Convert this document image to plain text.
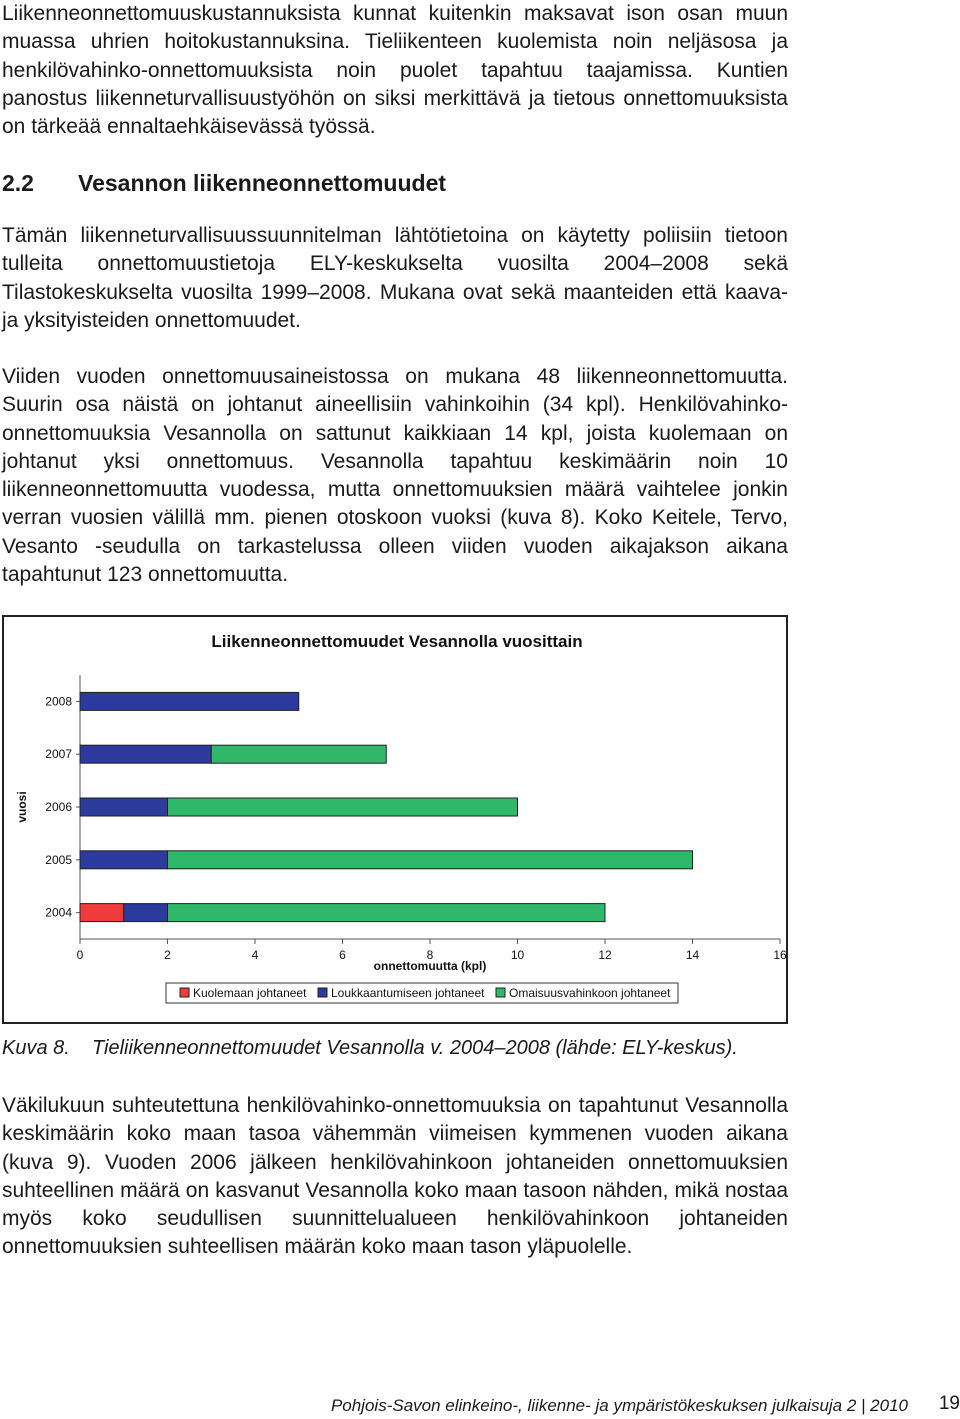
Liikenneonnettomuuskustannuksista kunnat kuitenkin maksavat ison osan muun muassa uhrien hoitokustannuksina. Tieliikenteen kuolemista noin neljäsosa ja henkilövahinko-onnettomuuksista noin puolet tapahtuu taajamissa. Kuntien panostus liikenneturvallisuustyöhön on siksi merkittävä ja tietous onnettomuuksista on tärkeää ennaltaehkäisevässä työssä.

2.2 Vesannon liikenneonnettomuudet

Tämän liikenneturvallisuussuunnitelman lähtötietoina on käytetty poliisiin tietoon tulleita onnettomuustietoja ELY-keskukselta vuosilta 2004–2008 sekä Tilastokeskukselta vuosilta 1999–2008. Mukana ovat sekä maanteiden että kaava- ja yksityisteiden onnettomuudet.

Viiden vuoden onnettomuusaineistossa on mukana 48 liikenneonnettomuutta. Suurin osa näistä on johtanut aineellisiin vahinkoihin (34 kpl). Henkilövahinko-onnettomuuksia Vesannolla on sattunut kaikkiaan 14 kpl, joista kuolemaan on johtanut yksi onnettomuus. Vesannolla tapahtuu keskimäärin noin 10 liikenneonnettomuutta vuodessa, mutta onnettomuuksien määrä vaihtelee jonkin verran vuosien välillä mm. pienen otoskoon vuoksi (kuva 8). Koko Keitele, Tervo, Vesanto -seudulla on tarkastelussa olleen viiden vuoden aikajakson aikana tapahtunut 123 onnettomuutta.

Liikenneonnettomuudet Vesannolla vuosittain
0	2	4	6	8	10	12	14	16
onnettomuutta (kpl)
vuosi
2008
2007
2006
2005
2004
Kuolemaan johtaneet Loukkaantumiseen johtaneet Omaisuusvahinkoon johtaneet
Kuva 8. Tieliikenneonnettomuudet Vesannolla v. 2004–2008 (lähde: ELY-keskus).

Väkilukuun suhteutettuna henkilövahinko-onnettomuuksia on tapahtunut Vesannolla keskimäärin koko maan tasoa vähemmän viimeisen kymmenen vuoden aikana (kuva 9). Vuoden 2006 jälkeen henkilövahinkoon johtaneiden onnettomuuksien suhteellinen määrä on kasvanut Vesannolla koko maan tasoon nähden, mikä nostaa myös koko seudullisen suunnittelualueen henkilövahinkoon johtaneiden onnettomuuksien suhteellisen määrän koko maan tason yläpuolelle.

Pohjois-Savon elinkeino-, liikenne- ja ympäristökeskuksen julkaisuja 2 | 2010	19
